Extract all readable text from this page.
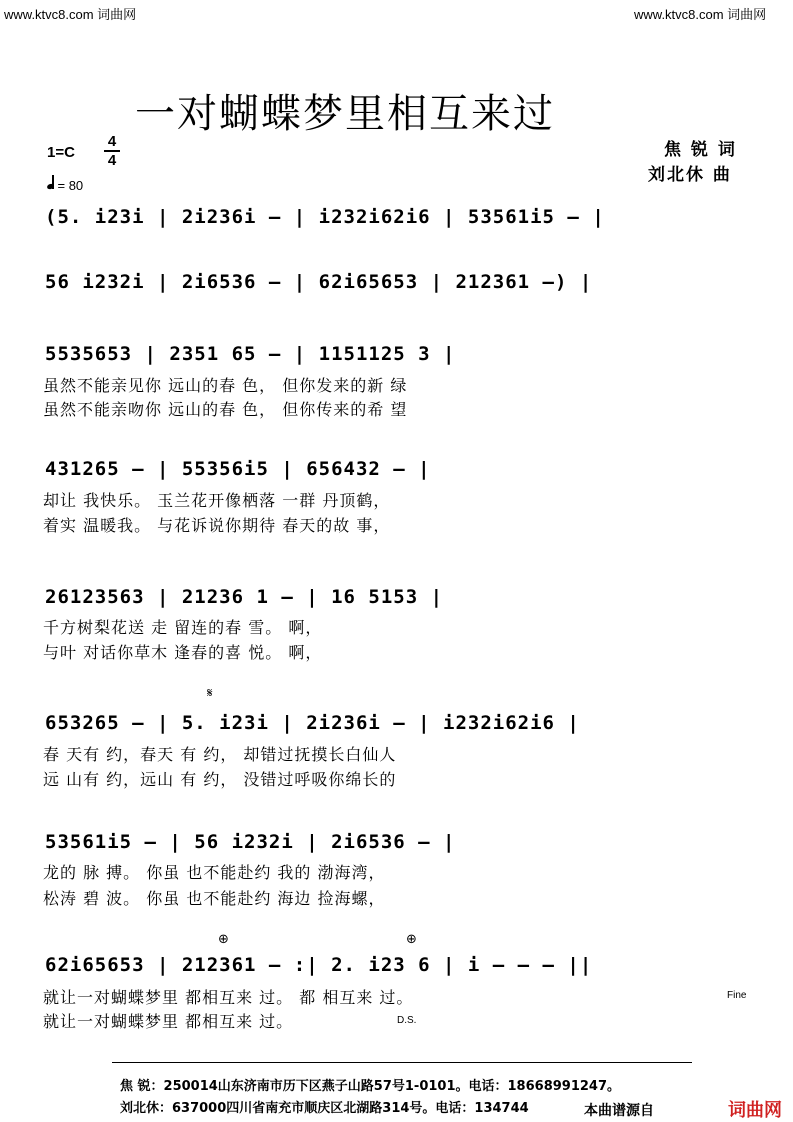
www.ktvc8.com 词曲网	www.ktvc8.com 词曲网
一对蝴蝶梦里相互来过
焦 锐 词
刘北休 曲
1=C
4
4
= 80
(5. i23i | 2i236i – | i232i62i6 | 53561i5 – |
56 i232i | 2i6536 – | 62i65653 | 212361 –) |
5535653 | 2351 65 – | 1151125 3 |
虽然不能亲见你 远山的春 色， 但你发来的新 绿
虽然不能亲吻你 远山的春 色， 但你传来的希 望
431265 – | 55356i5 | 656432 – |
却让 我快乐。 玉兰花开像栖落 一群 丹顶鹤，
着实 温暖我。 与花诉说你期待 春天的故 事，
26123563 | 21236 1 – | 16 5153 |
千方树梨花送 走 留连的春 雪。 啊，
与叶 对话你草木 逢春的喜 悦。 啊，
𝄋
653265 – | 5. i23i | 2i236i – | i232i62i6 |
春 天有 约，春天 有 约， 却错过抚摸长白仙人
远 山有 约，远山 有 约， 没错过呼吸你绵长的
53561i5 – | 56 i232i | 2i6536 – |
龙的 脉 搏。 你虽 也不能赴约 我的 渤海湾，
松涛 碧 波。 你虽 也不能赴约 海边 捡海螺，
⊕	⊕
62i65653 | 212361 – :| 2. i23 6 | i – – – ||
就让一对蝴蝶梦里 都相互来 过。 都 相互来 过。
就让一对蝴蝶梦里 都相互来 过。
Fine
D.S.
焦 锐：250014山东济南市历下区燕子山路57号1-0101。电话：18668991247。
刘北休：637000四川省南充市顺庆区北湖路314号。电话：134744	本曲谱源自	词曲网
